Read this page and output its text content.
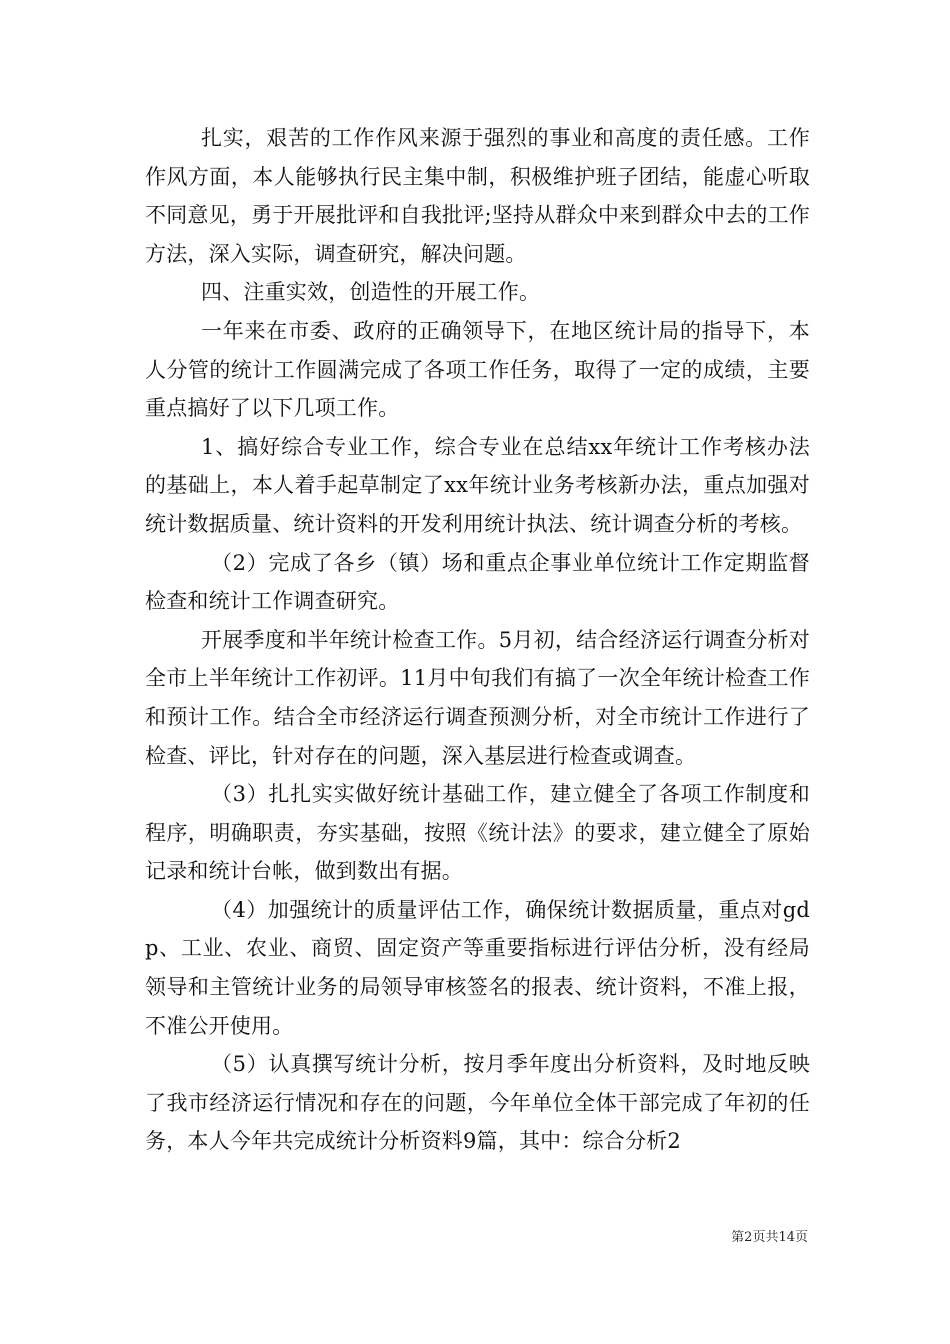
扎实，艰苦的工作作风来源于强烈的事业和高度的责任感。工作作风方面，本人能够执行民主集中制，积极维护班子团结，能虚心听取不同意见，勇于开展批评和自我批评;坚持从群众中来到群众中去的工作方法，深入实际，调查研究，解决问题。

四、注重实效，创造性的开展工作。

一年来在市委、政府的正确领导下，在地区统计局的指导下，本人分管的统计工作圆满完成了各项工作任务，取得了一定的成绩，主要重点搞好了以下几项工作。

1、搞好综合专业工作，综合专业在总结xx年统计工作考核办法的基础上，本人着手起草制定了xx年统计业务考核新办法，重点加强对统计数据质量、统计资料的开发利用统计执法、统计调查分析的考核。

（2）完成了各乡（镇）场和重点企事业单位统计工作定期监督检查和统计工作调查研究。

开展季度和半年统计检查工作。5月初，结合经济运行调查分析对全市上半年统计工作初评。11月中旬我们有搞了一次全年统计检查工作和预计工作。结合全市经济运行调查预测分析，对全市统计工作进行了检查、评比，针对存在的问题，深入基层进行检查或调查。

（3）扎扎实实做好统计基础工作，建立健全了各项工作制度和程序，明确职责，夯实基础，按照《统计法》的要求，建立健全了原始记录和统计台帐，做到数出有据。

（4）加强统计的质量评估工作，确保统计数据质量，重点对gdp、工业、农业、商贸、固定资产等重要指标进行评估分析，没有经局领导和主管统计业务的局领导审核签名的报表、统计资料，不准上报，不准公开使用。

（5）认真撰写统计分析，按月季年度出分析资料，及时地反映了我市经济运行情况和存在的问题，今年单位全体干部完成了年初的任务，本人今年共完成统计分析资料9篇，其中：综合分析2

第2页共14页
